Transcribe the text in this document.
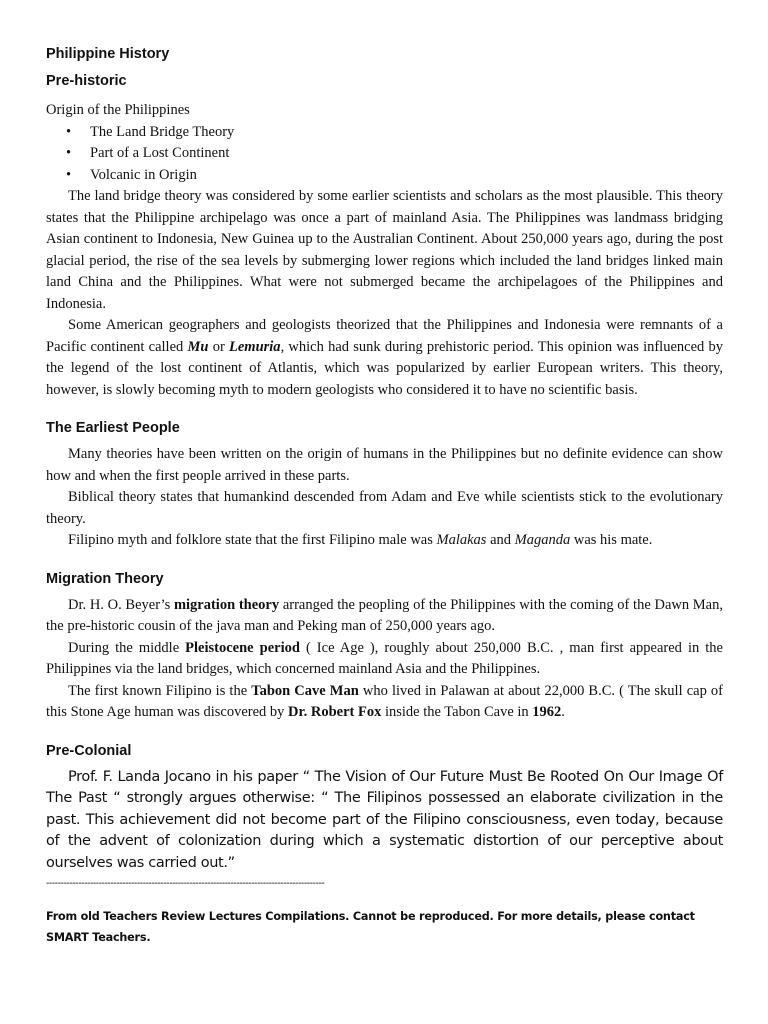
Philippine History
Pre-historic
Origin of the Philippines
• The Land Bridge Theory
• Part of a Lost Continent
• Volcanic in Origin

The land bridge theory was considered by some earlier scientists and scholars as the most plausible. This theory states that the Philippine archipelago was once a part of mainland Asia. The Philippines was landmass bridging Asian continent to Indonesia, New Guinea up to the Australian Continent. About 250,000 years ago, during the post glacial period, the rise of the sea levels by submerging lower regions which included the land bridges linked main land China and the Philippines. What were not submerged became the archipelagoes of the Philippines and Indonesia.

Some American geographers and geologists theorized that the Philippines and Indonesia were remnants of a Pacific continent called Mu or Lemuria, which had sunk during prehistoric period. This opinion was influenced by the legend of the lost continent of Atlantis, which was popularized by earlier European writers. This theory, however, is slowly becoming myth to modern geologists who considered it to have no scientific basis.

The Earliest People

Many theories have been written on the origin of humans in the Philippines but no definite evidence can show how and when the first people arrived in these parts.

Biblical theory states that humankind descended from Adam and Eve while scientists stick to the evolutionary theory.

Filipino myth and folklore state that the first Filipino male was Malakas and Maganda was his mate.

Migration Theory

Dr. H. O. Beyer’s migration theory arranged the peopling of the Philippines with the coming of the Dawn Man, the pre-historic cousin of the java man and Peking man of 250,000 years ago.

During the middle Pleistocene period ( Ice Age ), roughly about 250,000 B.C. , man first appeared in the Philippines via the land bridges, which concerned mainland Asia and the Philippines.

The first known Filipino is the Tabon Cave Man who lived in Palawan at about 22,000 B.C. ( The skull cap of this Stone Age human was discovered by Dr. Robert Fox inside the Tabon Cave in 1962.

Pre-Colonial

Prof. F. Landa Jocano in his paper “ The Vision of Our Future Must Be Rooted On Our Image Of The Past “ strongly argues otherwise: “ The Filipinos possessed an elaborate civilization in the past. This achievement did not become part of the Filipino consciousness, even today, because of the advent of colonization during which a systematic distortion of our perceptive about ourselves was carried out.”

-----------------------------------------------------------------------------------------------
From old Teachers Review Lectures Compilations. Cannot be reproduced. For more details, please contact SMART Teachers.
